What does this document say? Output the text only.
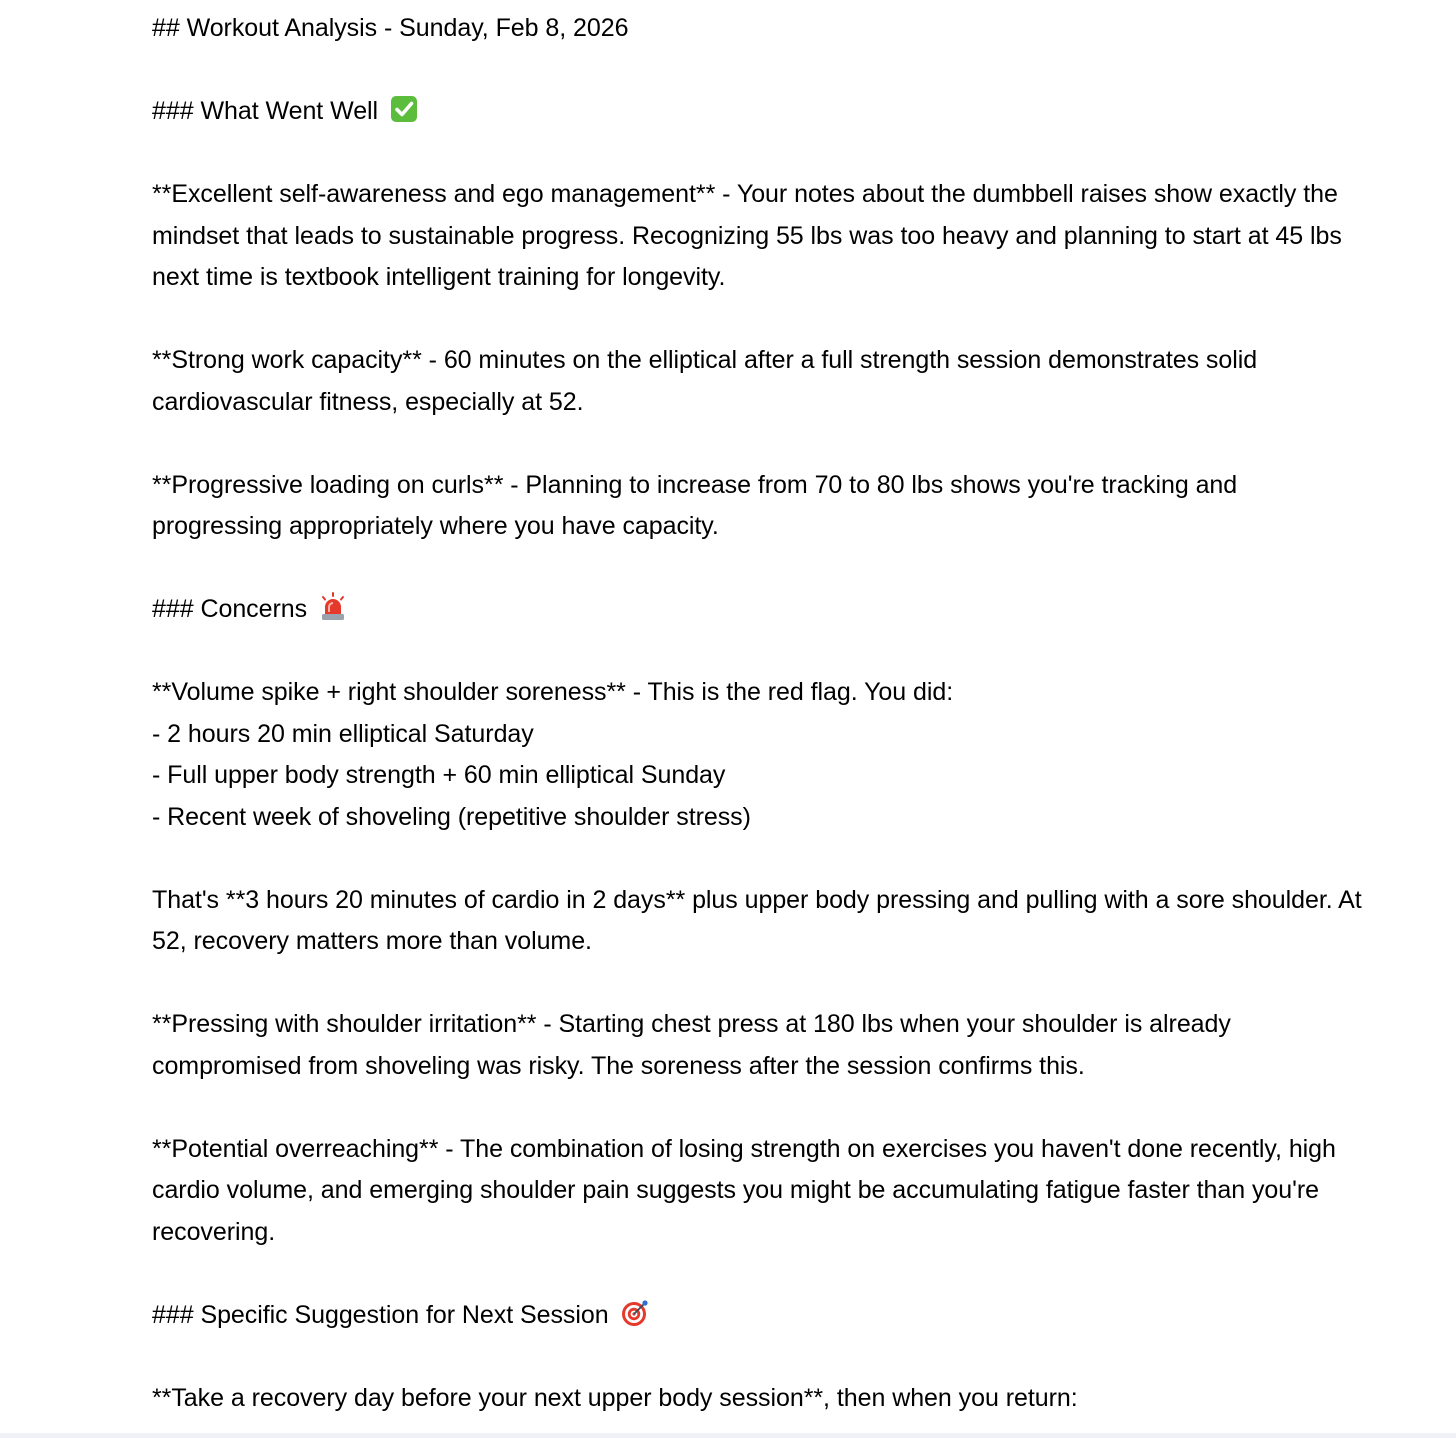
## Workout Analysis - Sunday, Feb 8, 2026
### What Went Well
**Excellent self-awareness and ego management** - Your notes about the dumbbell raises show exactly the
mindset that leads to sustainable progress. Recognizing 55 lbs was too heavy and planning to start at 45 lbs
next time is textbook intelligent training for longevity.
**Strong work capacity** - 60 minutes on the elliptical after a full strength session demonstrates solid
cardiovascular fitness, especially at 52.
**Progressive loading on curls** - Planning to increase from 70 to 80 lbs shows you're tracking and
progressing appropriately where you have capacity.
### Concerns
**Volume spike + right shoulder soreness** - This is the red flag. You did:
- 2 hours 20 min elliptical Saturday
- Full upper body strength + 60 min elliptical Sunday
- Recent week of shoveling (repetitive shoulder stress)
That's **3 hours 20 minutes of cardio in 2 days** plus upper body pressing and pulling with a sore shoulder. At
52, recovery matters more than volume.
**Pressing with shoulder irritation** - Starting chest press at 180 lbs when your shoulder is already
compromised from shoveling was risky. The soreness after the session confirms this.
**Potential overreaching** - The combination of losing strength on exercises you haven't done recently, high
cardio volume, and emerging shoulder pain suggests you might be accumulating fatigue faster than you're
recovering.
### Specific Suggestion for Next Session
**Take a recovery day before your next upper body session**, then when you return:
